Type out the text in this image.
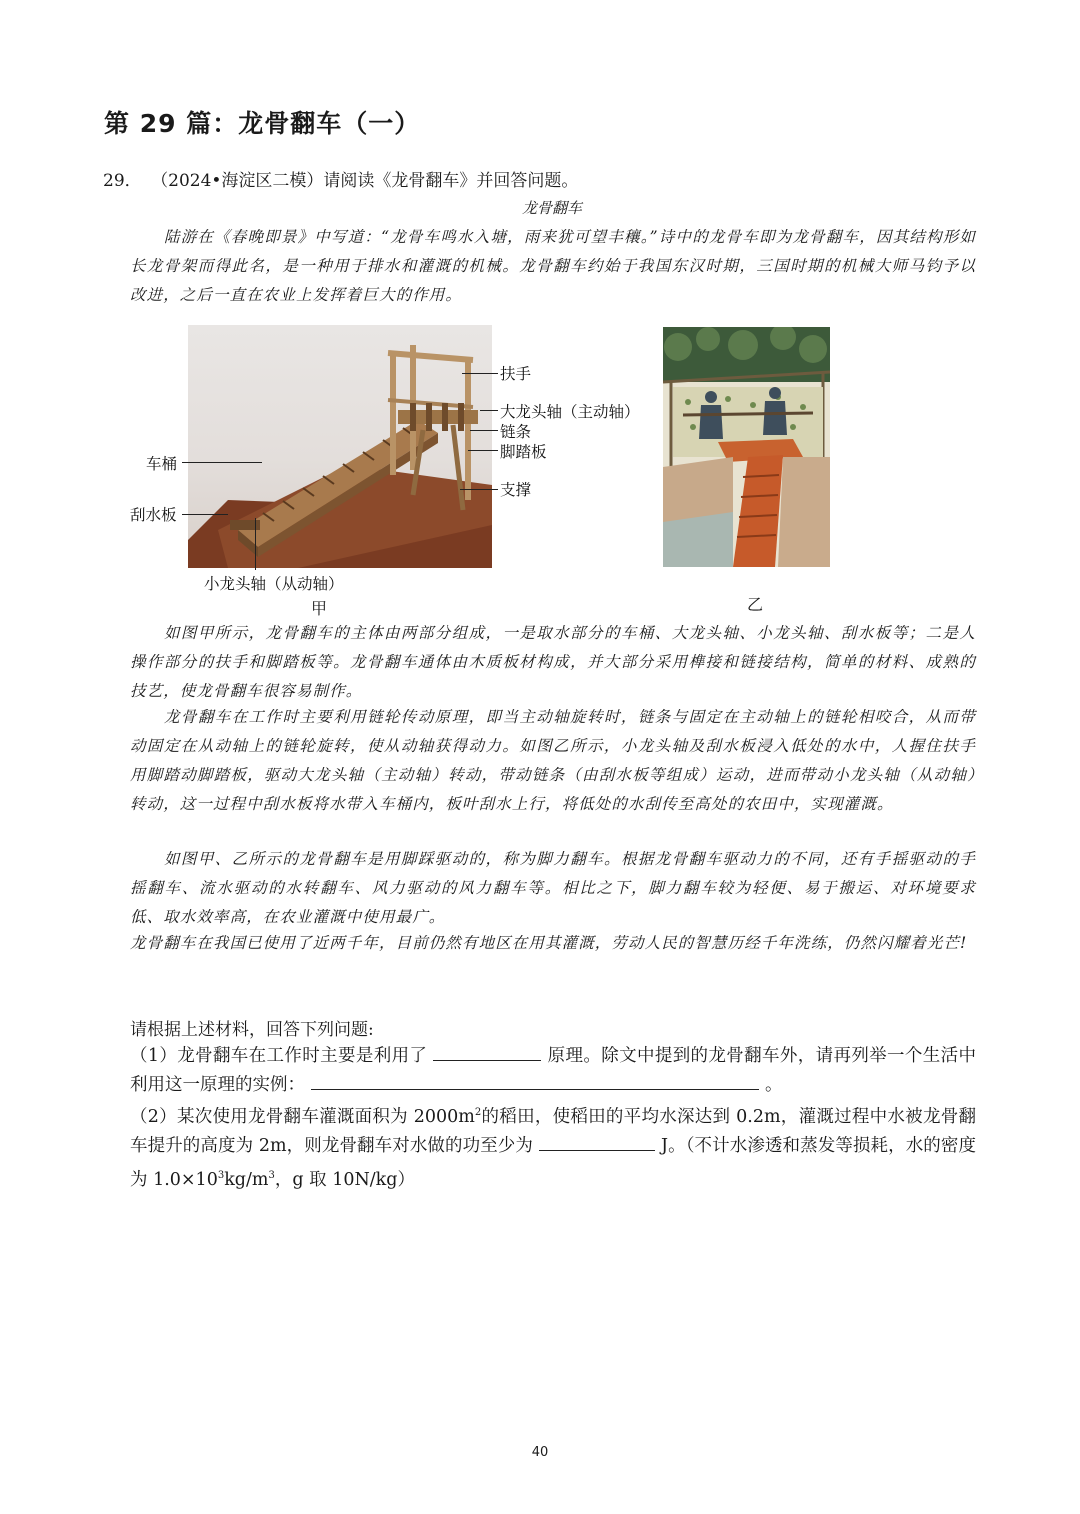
第 29 篇：龙骨翻车（一）
29． （2024•海淀区二模）请阅读《龙骨翻车》并回答问题。
龙骨翻车
陆游在《春晚即景》中写道：“龙骨车鸣水入塘，雨来犹可望丰穰。”诗中的龙骨车即为龙骨翻车，因其结构形如长龙骨架而得此名，是一种用于排水和灌溉的机械。龙骨翻车约始于我国东汉时期，三国时期的机械大师马钧予以改进，之后一直在农业上发挥着巨大的作用。
扶手
大龙头轴（主动轴）
链条
脚踏板
支撑
车桶
刮水板
小龙头轴（从动轴）
甲	乙
如图甲所示，龙骨翻车的主体由两部分组成，一是取水部分的车桶、大龙头轴、小龙头轴、刮水板等；二是人操作部分的扶手和脚踏板等。龙骨翻车通体由木质板材构成，并大部分采用榫接和链接结构，简单的材料、成熟的技艺，使龙骨翻车很容易制作。
龙骨翻车在工作时主要利用链轮传动原理，即当主动轴旋转时，链条与固定在主动轴上的链轮相咬合，从而带动固定在从动轴上的链轮旋转，使从动轴获得动力。如图乙所示，小龙头轴及刮水板浸入低处的水中，人握住扶手用脚踏动脚踏板，驱动大龙头轴（主动轴）转动，带动链条（由刮水板等组成）运动，进而带动小龙头轴（从动轴）转动，这一过程中刮水板将水带入车桶内，板叶刮水上行，将低处的水刮传至高处的农田中，实现灌溉。
如图甲、乙所示的龙骨翻车是用脚踩驱动的，称为脚力翻车。根据龙骨翻车驱动力的不同，还有手摇驱动的手摇翻车、流水驱动的水转翻车、风力驱动的风力翻车等。相比之下，脚力翻车较为轻便、易于搬运、对环境要求低、取水效率高，在农业灌溉中使用最广。
龙骨翻车在我国已使用了近两千年，目前仍然有地区在用其灌溉，劳动人民的智慧历经千年洗练，仍然闪耀着光芒!
请根据上述材料，回答下列问题:
（1）龙骨翻车在工作时主要是利用了	原理。除文中提到的龙骨翻车外，请再列举一个生活中利用这一原理的实例：	。
（2）某次使用龙骨翻车灌溉面积为 $2000m^2$的稻田，使稻田的平均水深达到 0.2m，灌溉过程中水被龙骨翻车提升的高度为 2m，则龙骨翻车对水做的功至少为	J。（不计水渗透和蒸发等损耗，水的密度为 $1.0\times 10^3kg/m^3$，g 取 10N/kg）
40
